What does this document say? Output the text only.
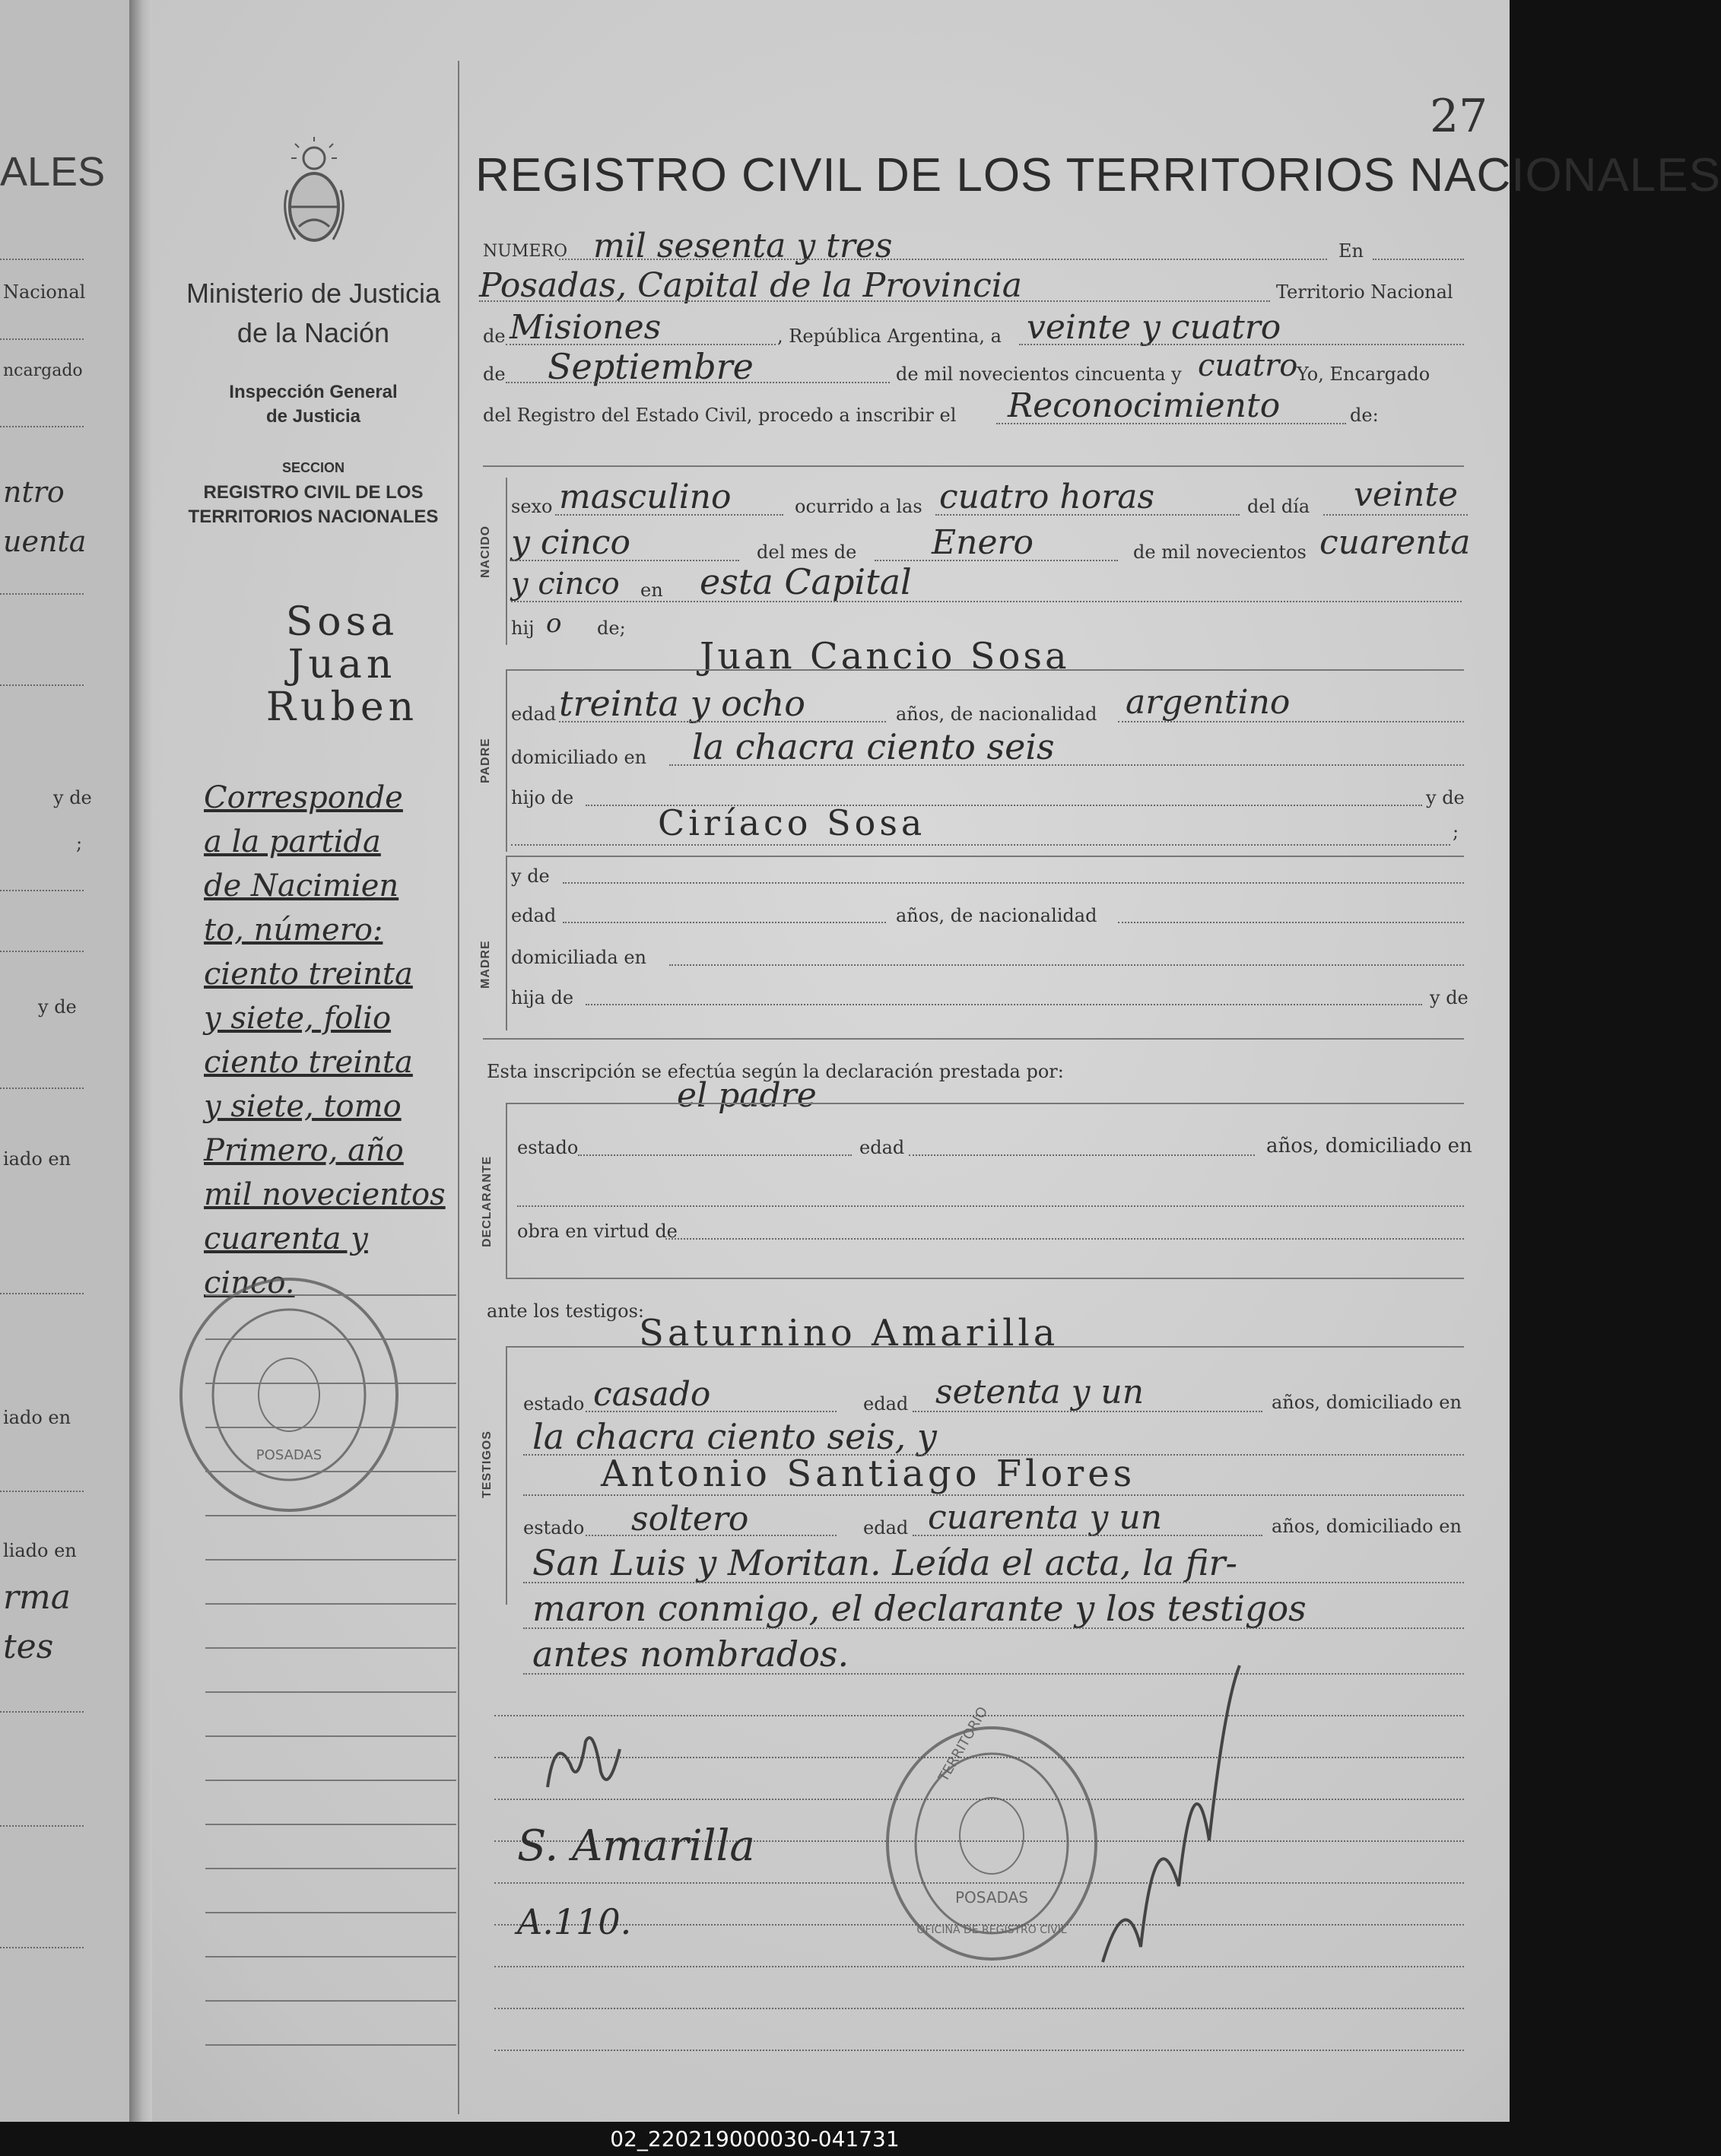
ALES
Nacional
ncargado
ntro
uenta
y de
;
y de
iado en
iado en
liado en
rma
tes
27
Ministerio de Justicia
de la Nación
Inspección General
de Justicia
SECCION
REGISTRO CIVIL DE LOS
TERRITORIOS NACIONALES
Sosa
Juan
Ruben
Corresponde
a la partida
de Nacimien
to, número:
ciento treinta
y siete, folio
ciento treinta
y siete, tomo
Primero, año
mil novecientos
cuarenta y cinco.
POSADAS
REGISTRO CIVIL DE LOS TERRITORIOS NACIONALES
NUMERO mil sesenta y tres	En
Posadas, Capital de la Provincia	Territorio Nacional
de Misiones	, República Argentina, a veinte y cuatro
de Septiembre	de mil novecientos cincuenta y cuatro
Yo, Encargado
del Registro del Estado Civil, procedo a inscribir el Reconocimiento	de:
NACIDO
sexo masculino	ocurrido a las cuatro horas	del día veinte
y cinco	del mes de Enero	de mil novecientos cuarenta
y cinco en esta Capital
hij o de;
Juan Cancio Sosa
PADRE
edad treinta y ocho	años, de nacionalidad argentino
domiciliado en la chacra ciento seis
hijo de	y de
Ciríaco Sosa	;
MADRE
y de
edad	años, de nacionalidad
domiciliada en
hija de	y de
Esta inscripción se efectúa según la declaración prestada por:
el padre
DECLARANTE
estado	edad	años, domiciliado en
obra en virtud de
ante los testigos:
Saturnino Amarilla
TESTIGOS
estado casado	edad setenta y un	años, domiciliado en
la chacra ciento seis, y
Antonio Santiago Flores
estado soltero	edad cuarenta y un	años, domiciliado en
San Luis y Moritan. Leída el acta, la fir-
maron conmigo, el declarante y los testigos
antes nombrados.
S. Amarilla
A.110.
TERRITORIO
POSADAS
OFICINA DE REGISTRO CIVIL
02_220219000030-041731
